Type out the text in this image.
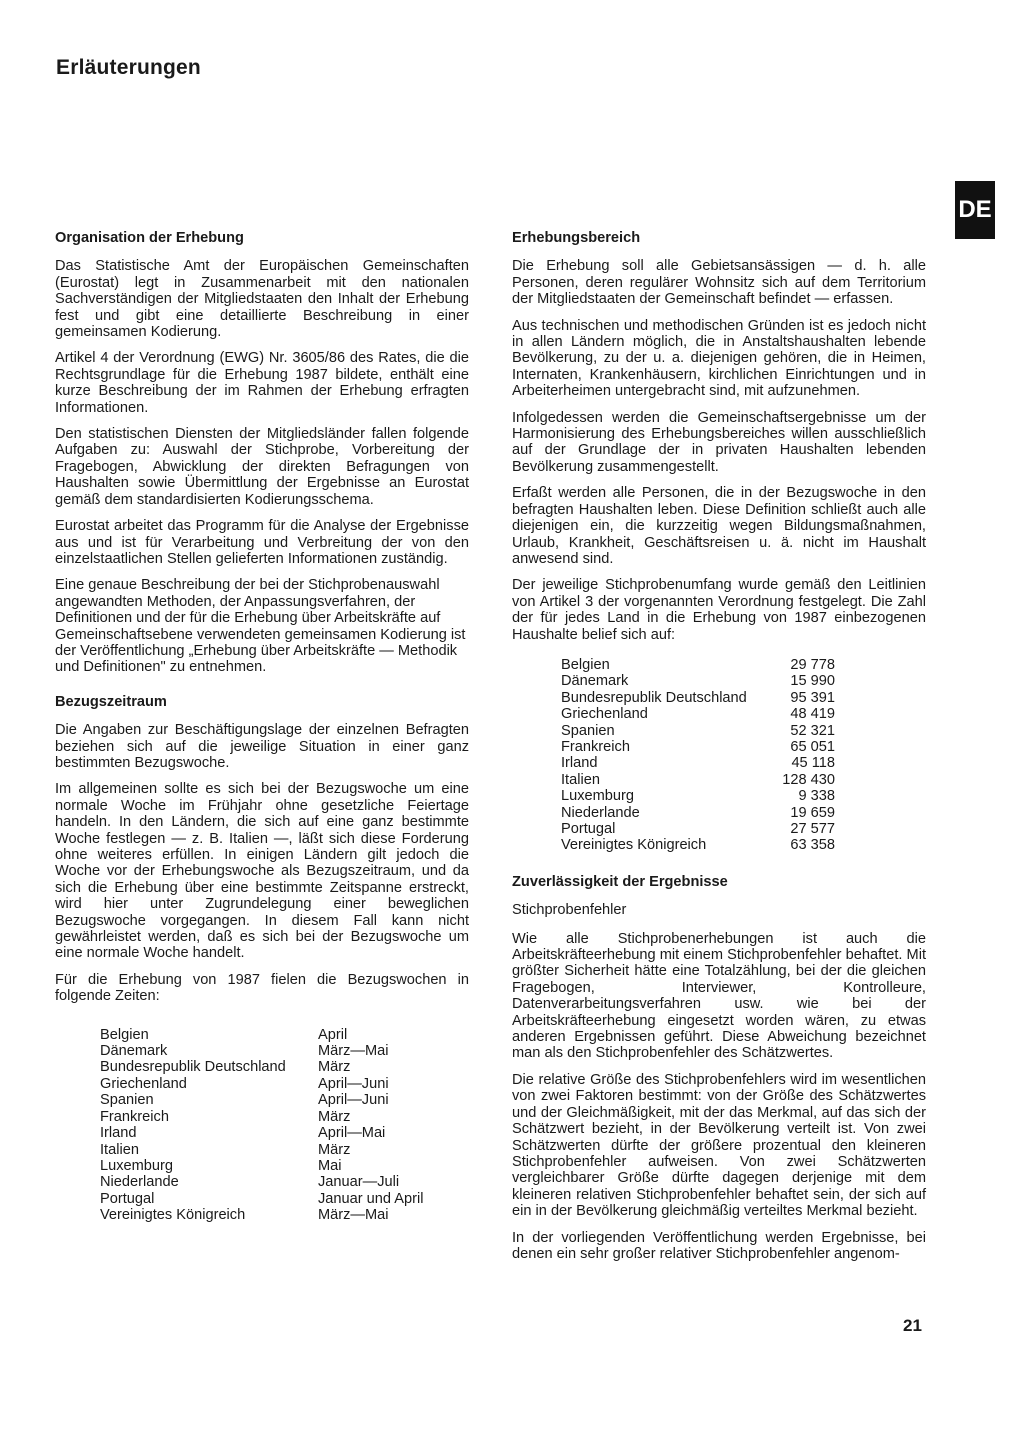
Erläuterungen
DE
Organisation der Erhebung

Das Statistische Amt der Europäischen Gemeinschaften (Eurostat) legt in Zusammenarbeit mit den nationalen Sachverständigen der Mitgliedstaaten den Inhalt der Erhebung fest und gibt eine detaillierte Beschreibung in einer gemeinsamen Kodierung.

Artikel 4 der Verordnung (EWG) Nr. 3605/86 des Rates, die die Rechtsgrundlage für die Erhebung 1987 bildete, enthält eine kurze Beschreibung der im Rahmen der Erhebung erfragten Informationen.

Den statistischen Diensten der Mitgliedsländer fallen folgende Aufgaben zu: Auswahl der Stichprobe, Vorbereitung der Fragebogen, Abwicklung der direkten Befragungen von Haushalten sowie Übermittlung der Ergebnisse an Eurostat gemäß dem standardisierten Kodierungsschema.

Eurostat arbeitet das Programm für die Analyse der Ergebnisse aus und ist für Verarbeitung und Verbreitung der von den einzelstaatlichen Stellen gelieferten Informationen zuständig.

Eine genaue Beschreibung der bei der Stichprobenauswahl angewandten Methoden, der Anpassungsverfahren, der Definitionen und der für die Erhebung über Arbeitskräfte auf Gemeinschaftsebene verwendeten gemeinsamen Kodierung ist der Veröffentlichung „Erhebung über Arbeitskräfte — Methodik und Definitionen" zu entnehmen.

Bezugszeitraum

Die Angaben zur Beschäftigungslage der einzelnen Befragten beziehen sich auf die jeweilige Situation in einer ganz bestimmten Bezugswoche.

Im allgemeinen sollte es sich bei der Bezugswoche um eine normale Woche im Frühjahr ohne gesetzliche Feiertage handeln. In den Ländern, die sich auf eine ganz bestimmte Woche festlegen — z. B. Italien —, läßt sich diese Forderung ohne weiteres erfüllen. In einigen Ländern gilt jedoch die Woche vor der Erhebungswoche als Bezugszeitraum, und da sich die Erhebung über eine bestimmte Zeitspanne erstreckt, wird hier unter Zugrundelegung einer beweglichen Bezugswoche vorgegangen. In diesem Fall kann nicht gewährleistet werden, daß es sich bei der Bezugswoche um eine normale Woche handelt.

Für die Erhebung von 1987 fielen die Bezugswochen in folgende Zeiten:

Belgien	April
Dänemark	März—Mai
Bundesrepublik Deutschland	März
Griechenland	April—Juni
Spanien	April—Juni
Frankreich	März
Irland	April—Mai
Italien	März
Luxemburg	Mai
Niederlande	Januar—Juli
Portugal	Januar und April
Vereinigtes Königreich	März—Mai
Erhebungsbereich

Die Erhebung soll alle Gebietsansässigen — d. h. alle Personen, deren regulärer Wohnsitz sich auf dem Territorium der Mitgliedstaaten der Gemeinschaft befindet — erfassen.

Aus technischen und methodischen Gründen ist es jedoch nicht in allen Ländern möglich, die in Anstaltshaushalten lebende Bevölkerung, zu der u. a. diejenigen gehören, die in Heimen, Internaten, Krankenhäusern, kirchlichen Einrichtungen und in Arbeiterheimen untergebracht sind, mit aufzunehmen.

Infolgedessen werden die Gemeinschaftsergebnisse um der Harmonisierung des Erhebungsbereiches willen ausschließlich auf der Grundlage der in privaten Haushalten lebenden Bevölkerung zusammengestellt.

Erfaßt werden alle Personen, die in der Bezugswoche in den befragten Haushalten leben. Diese Definition schließt auch alle diejenigen ein, die kurzzeitig wegen Bildungsmaßnahmen, Urlaub, Krankheit, Geschäftsreisen u. ä. nicht im Haushalt anwesend sind.

Der jeweilige Stichprobenumfang wurde gemäß den Leitlinien von Artikel 3 der vorgenannten Verordnung festgelegt. Die Zahl der für jedes Land in die Erhebung von 1987 einbezogenen Haushalte belief sich auf:

Belgien	29 778
Dänemark	15 990
Bundesrepublik Deutschland	95 391
Griechenland	48 419
Spanien	52 321
Frankreich	65 051
Irland	45 118
Italien	128 430
Luxemburg	9 338
Niederlande	19 659
Portugal	27 577
Vereinigtes Königreich	63 358
Zuverlässigkeit der Ergebnisse
Stichprobenfehler

Wie alle Stichprobenerhebungen ist auch die Arbeitskräfteerhebung mit einem Stichprobenfehler behaftet. Mit größter Sicherheit hätte eine Totalzählung, bei der die gleichen Fragebogen, Interviewer, Kontrolleure, Datenverarbeitungsverfahren usw. wie bei der Arbeitskräfteerhebung eingesetzt worden wären, zu etwas anderen Ergebnissen geführt. Diese Abweichung bezeichnet man als den Stichprobenfehler des Schätzwertes.

Die relative Größe des Stichprobenfehlers wird im wesentlichen von zwei Faktoren bestimmt: von der Größe des Schätzwertes und der Gleichmäßigkeit, mit der das Merkmal, auf das sich der Schätzwert bezieht, in der Bevölkerung verteilt ist. Von zwei Schätzwerten dürfte der größere prozentual den kleineren Stichprobenfehler aufweisen. Von zwei Schätzwerten vergleichbarer Größe dürfte dagegen derjenige mit dem kleineren relativen Stichprobenfehler behaftet sein, der sich auf ein in der Bevölkerung gleichmäßig verteiltes Merkmal bezieht.

In der vorliegenden Veröffentlichung werden Ergebnisse, bei denen ein sehr großer relativer Stichprobenfehler angenom-

21
